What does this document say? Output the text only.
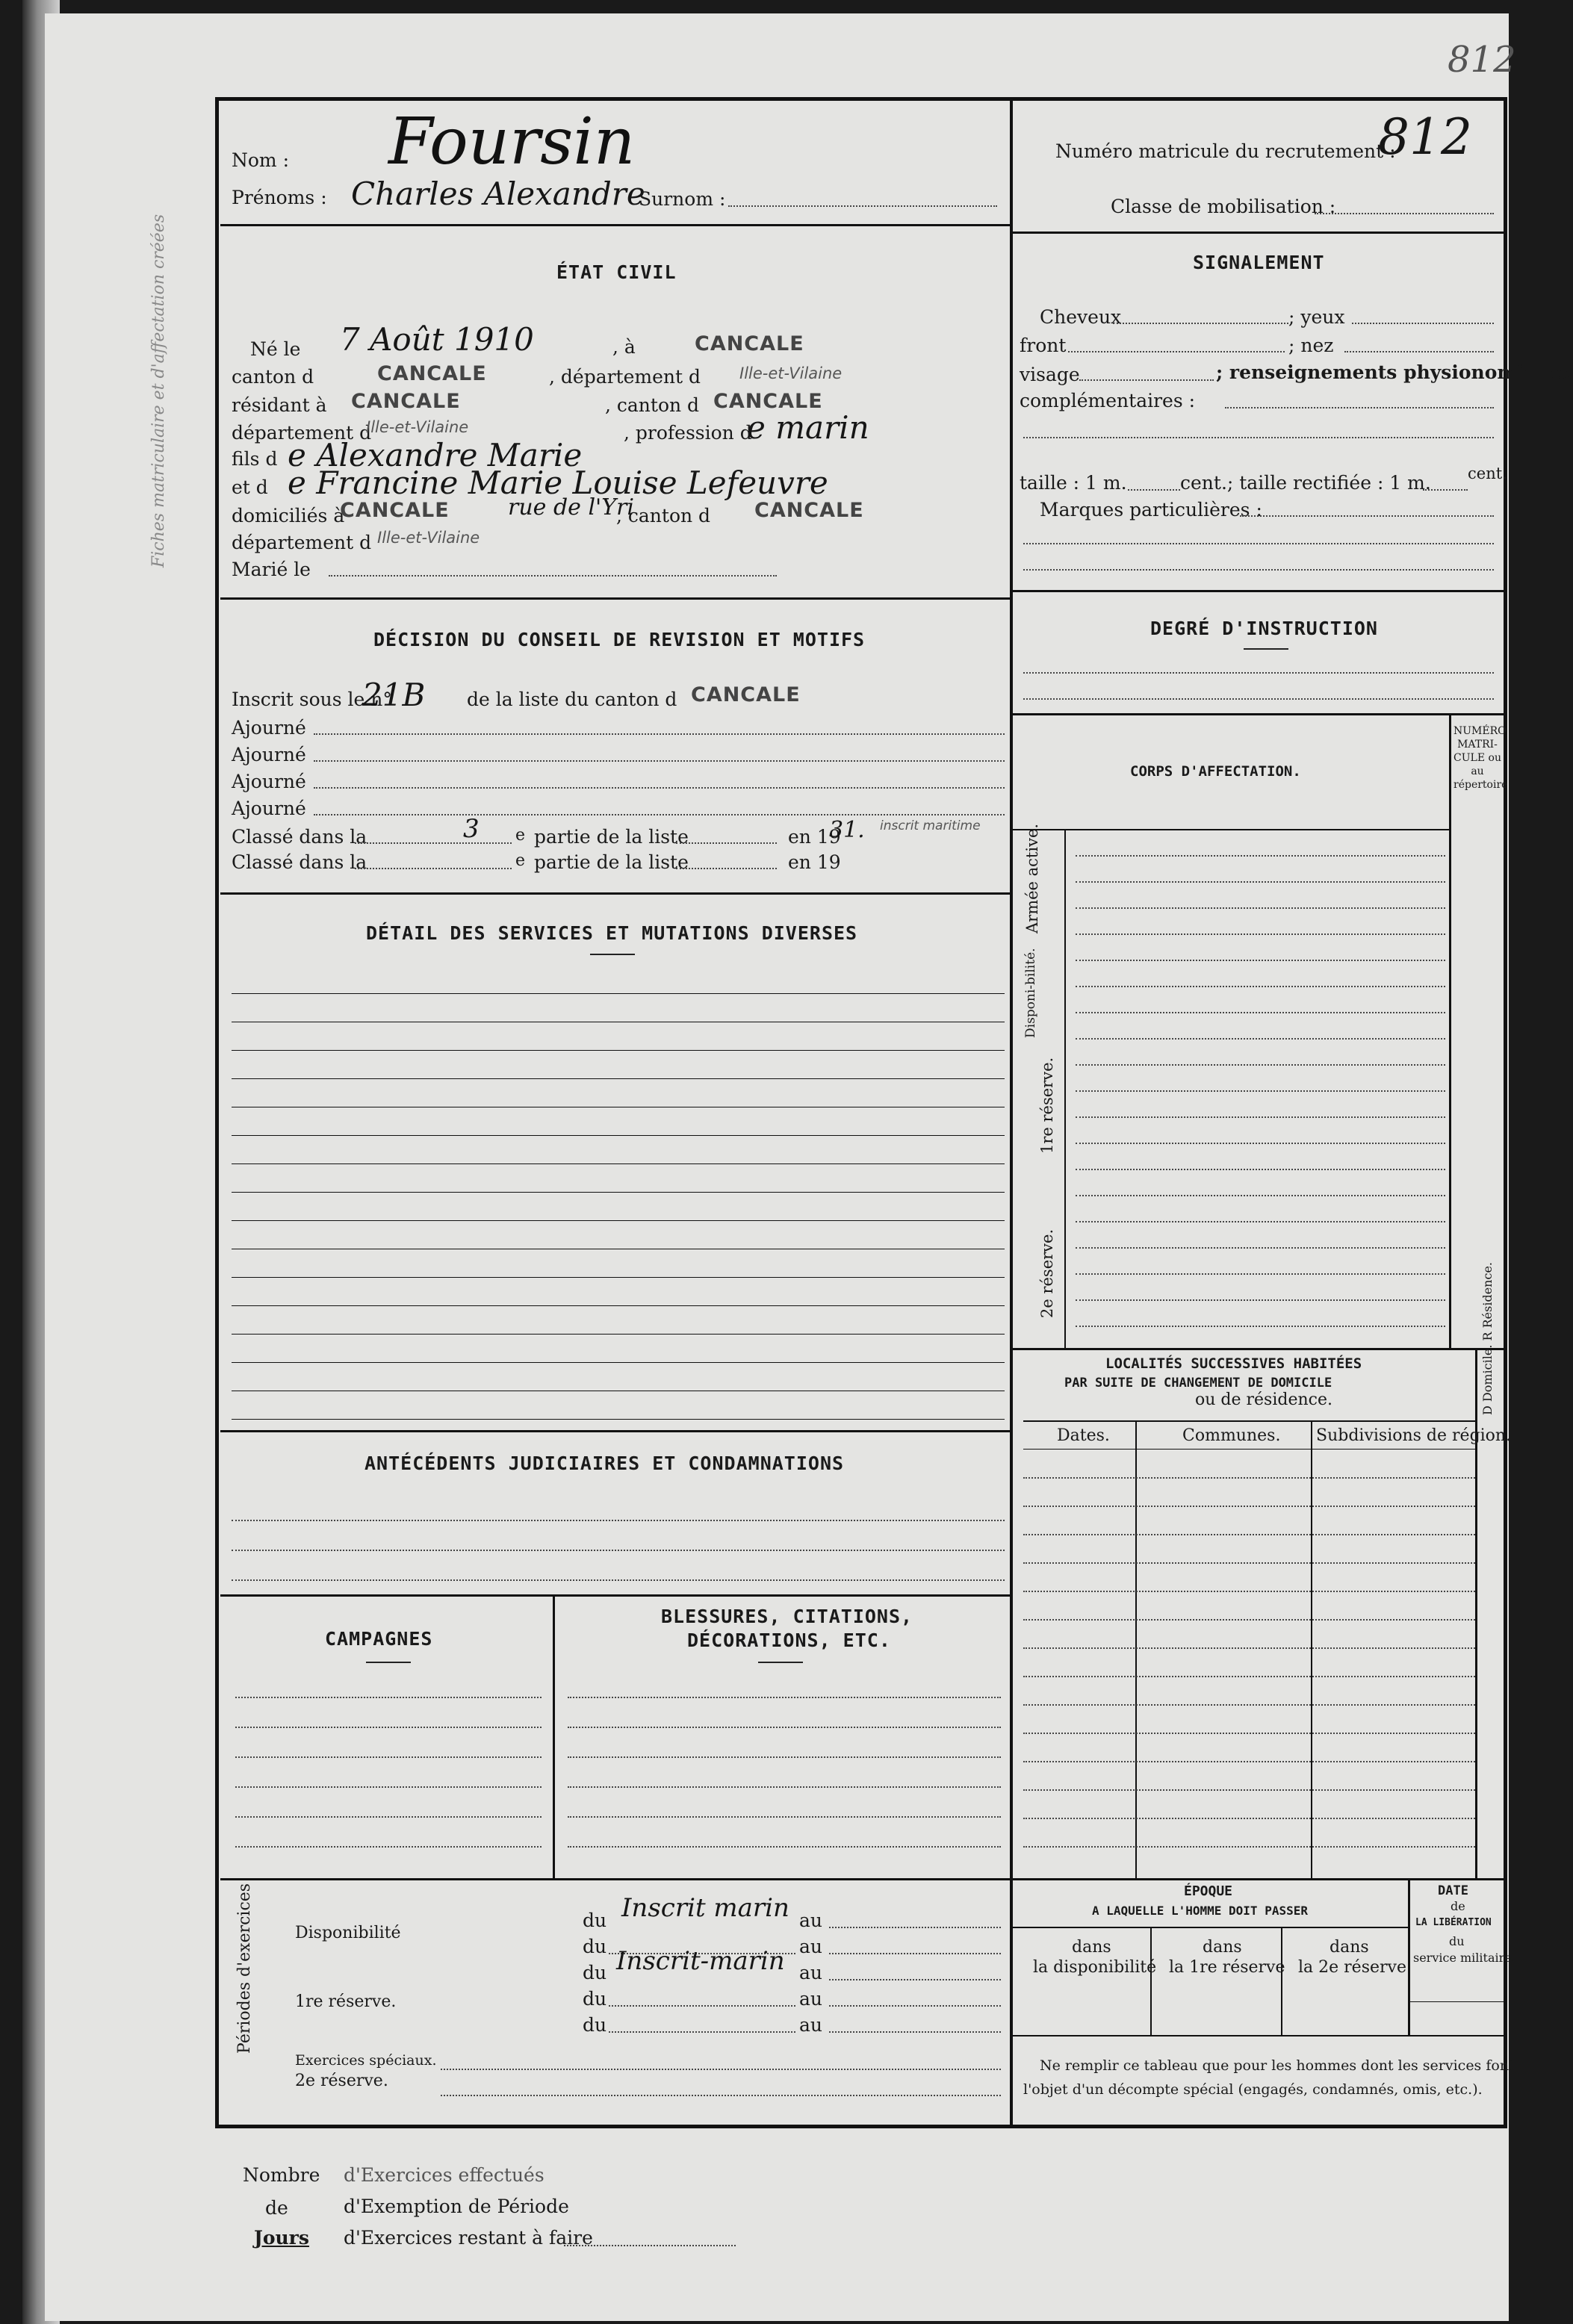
812
Fiches matriculaire et d'affectation créées
Nom : Foursin
Prénoms : Charles Alexandre
Surnom :
Numéro matricule du recrutement :
812
Classe de mobilisation :
ÉTAT CIVIL
Né le 7 Août 1910	, à	CANCALE
canton d	CANCALE	, département d Ille-et-Vilaine
résidant à CANCALE	, canton d CANCALE
département d
Ille-et-Vilaine	, profession d
e marin
fils d e Alexandre Marie
et d e Francine Marie Louise Lefeuvre
domiciliés à
CANCALE	rue de l'Yri
, canton d CANCALE
département d Ille-et-Vilaine
Marié le
SIGNALEMENT
Cheveux	; yeux
front	; nez
visage	; renseignements physionomiques
complémentaires :
taille : 1 m.	cent.; taille rectifiée : 1 m. cent.
Marques particulières :
DEGRÉ D'INSTRUCTION
DÉCISION DU CONSEIL DE REVISION ET MOTIFS
Inscrit sous le n°
21B de la liste du canton d CANCALE
Ajourné
Ajourné
Ajourné
Ajourné
Classé dans la	3 e partie de la liste	en 19
31. inscrit maritime
Classé dans la	e partie de la liste	en 19
CORPS D'AFFECTATION.
NUMÉRO MATRI-CULE ou au répertoire
Armée active.
Disponi-bilité.
1re réserve.
2e réserve.
DÉTAIL DES SERVICES ET MUTATIONS DIVERSES
LOCALITÉS SUCCESSIVES HABITÉES
PAR SUITE DE CHANGEMENT DE DOMICILE
ou de résidence.
Dates.	Communes. Subdivisions de région.
D Domicile. R Résidence.
ANTÉCÉDENTS JUDICIAIRES ET CONDAMNATIONS
CAMPAGNES
BLESSURES, CITATIONS,
DÉCORATIONS, ETC.
Périodes d'exercices	Disponibilité
1re réserve.
Exercices spéciaux.
2e réserve.
du Inscrit marin au
du	au
du Inscrit-marin au
du	au
du	au
ÉPOQUE
A LAQUELLE L'HOMME DOIT PASSER
dans
la disponibilité
dans
la 1re réserve
dans
la 2e réserve
DATE
de
LA LIBÉRATION
du
service militaire.
Ne remplir ce tableau que pour les hommes dont les services font
l'objet d'un décompte spécial (engagés, condamnés, omis, etc.).
Nombre
de
Jours
d'Exercices effectués
d'Exemption de Période
d'Exercices restant à faire
